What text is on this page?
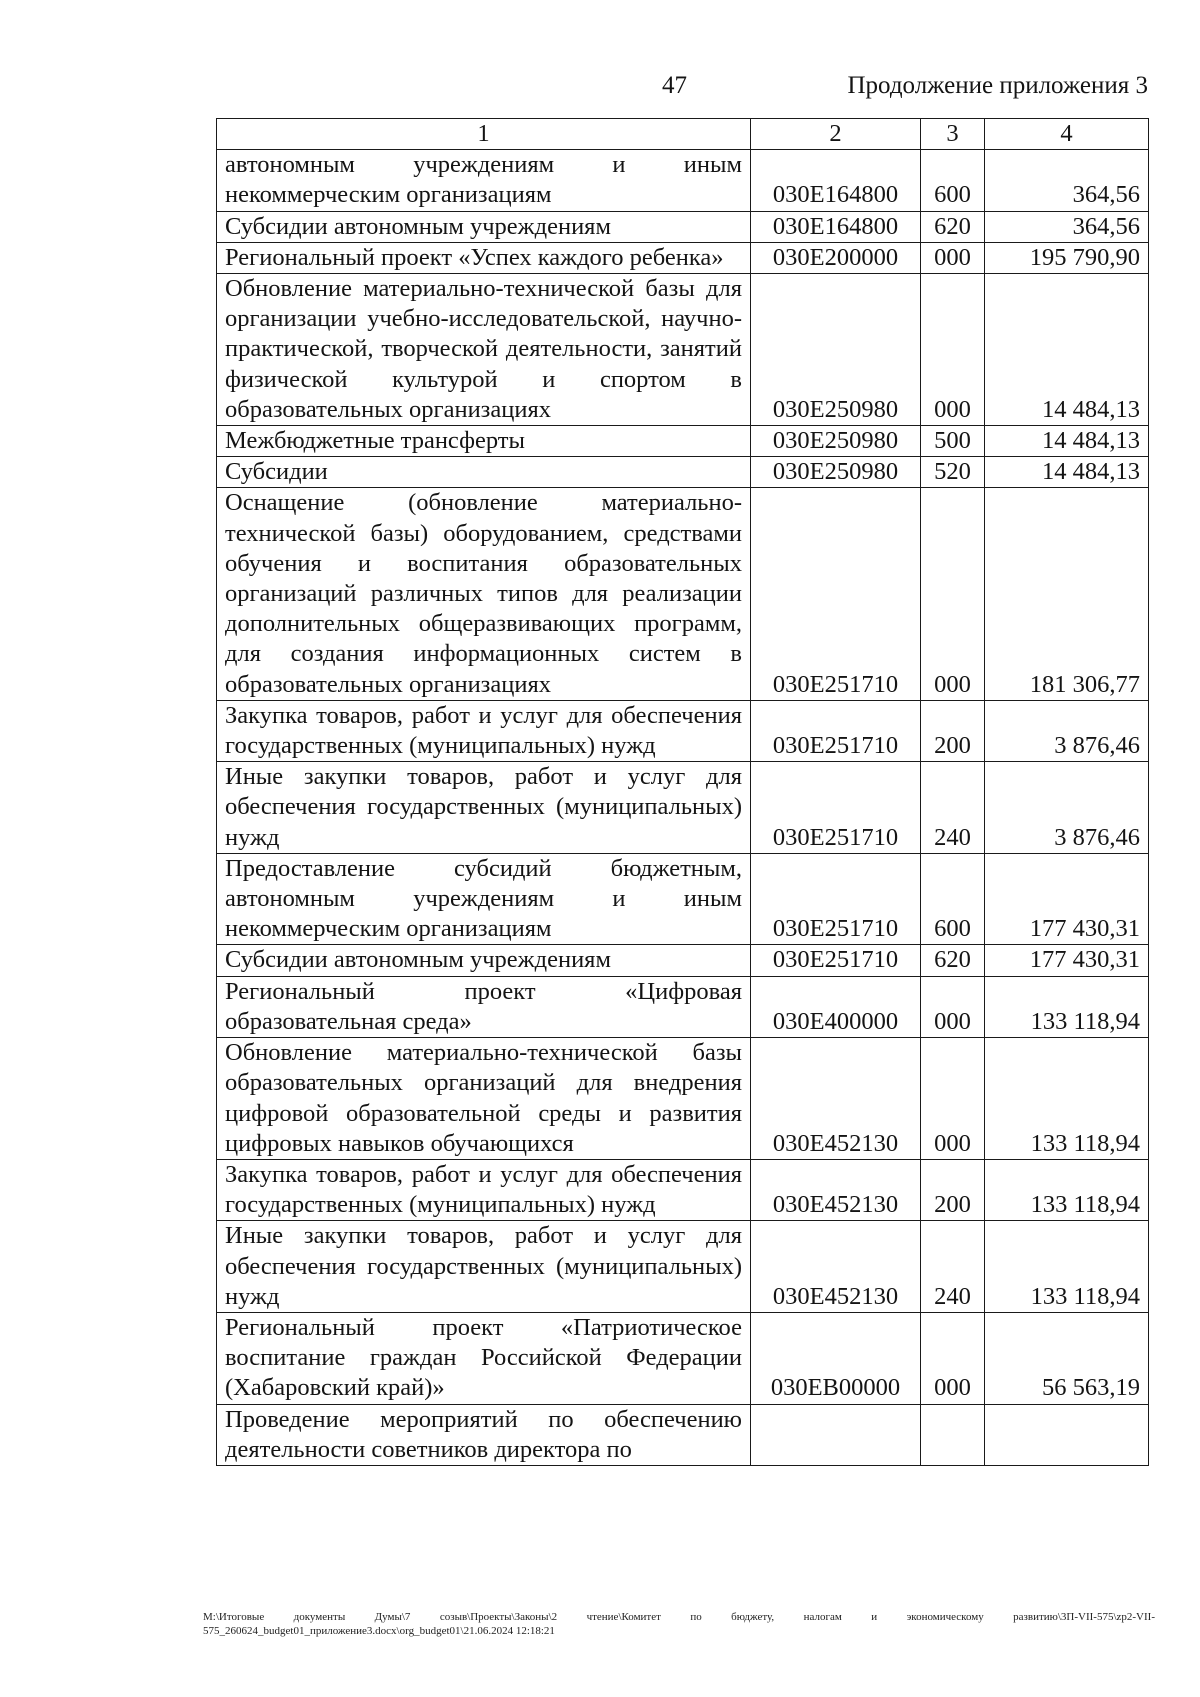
47	Продолжение приложения 3
1	2	3	4
автономным учреждениям и иным некоммерческим организациям	030E164800	600	364,56
Субсидии автономным учреждениям	030E164800	620	364,56
Региональный проект «Успех каждого ребенка»	030E200000	000	195 790,90
Обновление материально-технической базы для организации учебно-исследовательской, научно-практической, творческой деятельности, занятий физической культурой и спортом в образовательных организациях	030E250980	000	14 484,13
Межбюджетные трансферты	030E250980	500	14 484,13
Субсидии	030E250980	520	14 484,13
Оснащение (обновление материально-технической базы) оборудованием, средствами обучения и воспитания образовательных организаций различных типов для реализации дополнительных общеразвивающих программ, для создания информационных систем в образовательных организациях	030E251710	000	181 306,77
Закупка товаров, работ и услуг для обеспечения государственных (муниципальных) нужд	030E251710	200	3 876,46
Иные закупки товаров, работ и услуг для обеспечения государственных (муниципальных) нужд	030E251710	240	3 876,46
Предоставление субсидий бюджетным, автономным учреждениям и иным некоммерческим организациям	030E251710	600	177 430,31
Субсидии автономным учреждениям	030E251710	620	177 430,31
Региональный проект «Цифровая образовательная среда»	030E400000	000	133 118,94
Обновление материально-технической базы образовательных организаций для внедрения цифровой образовательной среды и развития цифровых навыков обучающихся	030E452130	000	133 118,94
Закупка товаров, работ и услуг для обеспечения государственных (муниципальных) нужд	030E452130	200	133 118,94
Иные закупки товаров, работ и услуг для обеспечения государственных (муниципальных) нужд	030E452130	240	133 118,94
Региональный проект «Патриотическое воспитание граждан Российской Федерации (Хабаровский край)»	030EB00000	000	56 563,19
Проведение мероприятий по обеспечению деятельности советников директора по			
М:\Итоговые документы Думы\7 созыв\Проекты\Законы\2 чтение\Комитет по бюджету, налогам и экономическому развитию\3П-VII-575\zp2-VII-575_260624_budget01_приложение3.docx\org_budget01\21.06.2024 12:18:21
